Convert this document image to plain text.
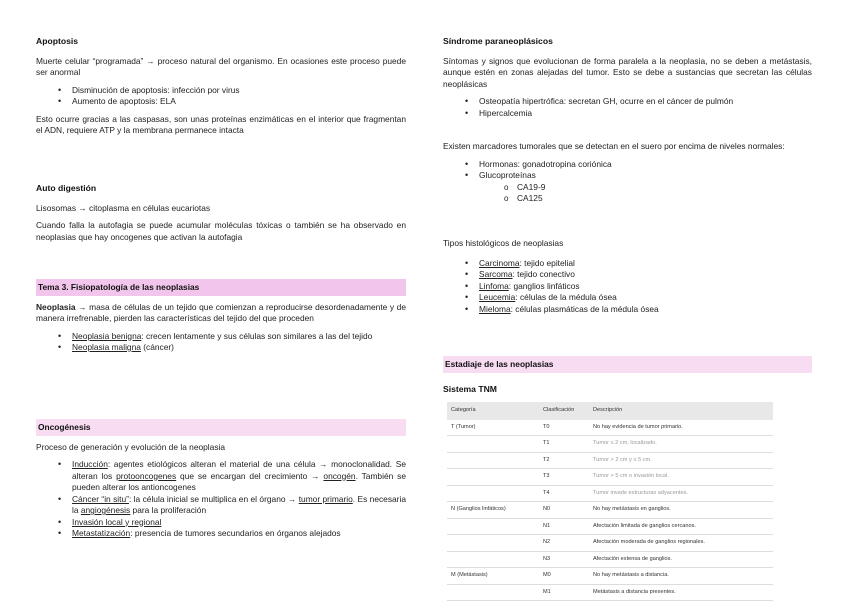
Apoptosis

Muerte celular “programada” → proceso natural del organismo. En ocasiones este proceso puede ser anormal

• Disminución de apoptosis: infección por virus
• Aumento de apoptosis: ELA

Esto ocurre gracias a las caspasas, son unas proteínas enzimáticas en el interior que fragmentan el ADN, requiere ATP y la membrana permanece intacta

Auto digestión

Lisosomas → citoplasma en células eucariotas

Cuando falla la autofagia se puede acumular moléculas tóxicas o también se ha observado en neoplasias que hay oncogenes que activan la autofagia

Tema 3. Fisiopatología de las neoplasias

Neoplasia → masa de células de un tejido que comienzan a reproducirse desordenadamente y de manera irrefrenable, pierden las características del tejido del que proceden

• Neoplasia benigna: crecen lentamente y sus células son similares a las del tejido
• Neoplasia maligna (cáncer)
Oncogénesis

Proceso de generación y evolución de la neoplasia

• Inducción: agentes etiológicos alteran el material de una célula → monoclonalidad. Se alteran los protooncogenes que se encargan del crecimiento → oncogén. También se pueden alterar los antioncogenes
• Cáncer “in situ”: la célula inicial se multiplica en el órgano → tumor primario. Es necesaria la angiogénesis para la proliferación
• Invasión local y regional
• Metastatización: presencia de tumores secundarios en órganos alejados
Síndrome paraneoplásicos

Síntomas y signos que evolucionan de forma paralela a la neoplasia, no se deben a metástasis, aunque estén en zonas alejadas del tumor. Esto se debe a sustancias que secretan las células neoplásicas

• Osteopatía hipertrófica: secretan GH, ocurre en el cáncer de pulmón
• Hipercalcemia

Existen marcadores tumorales que se detectan en el suero por encima de niveles normales:

• Hormonas: gonadotropina coriónica
• Glucoproteínas
o CA19-9
o CA125

Tipos histológicos de neoplasias

• Carcinoma: tejido epitelial
• Sarcoma: tejido conectivo
• Linfoma: ganglios linfáticos
• Leucemia: células de la médula ósea
• Mieloma: células plasmáticas de la médula ósea
Estadiaje de las neoplasias
Sistema TNM
Categoría	Clasificación	Descripción
T (Tumor)	T0	No hay evidencia de tumor primario.
	T1	Tumor ≤ 2 cm, localizado.
	T2	Tumor > 2 cm y ≤ 5 cm.
	T3	Tumor > 5 cm o invasión local.
	T4	Tumor invade estructuras adyacentes.
N (Ganglios linfáticos)	N0	No hay metástasis en ganglios.
	N1	Afectación limitada de ganglios cercanos.
	N2	Afectación moderada de ganglios regionales.
	N3	Afectación extensa de ganglios.
M (Metástasis)	M0	No hay metástasis a distancia.
	M1	Metástasis a distancia presentes.
